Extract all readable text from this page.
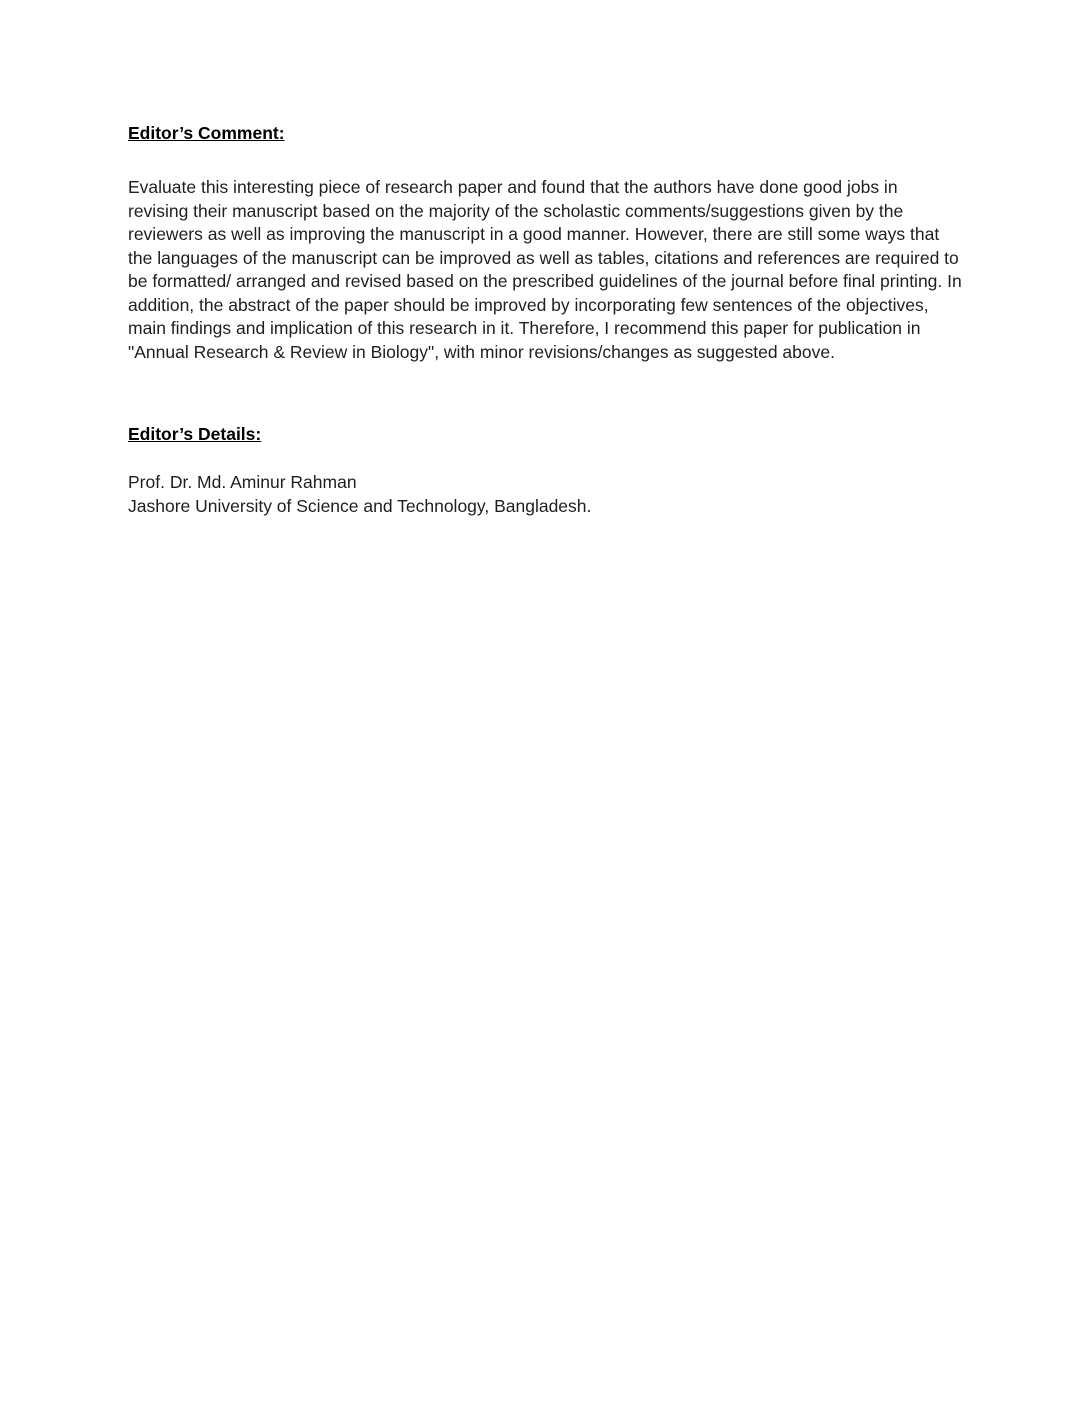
Editor’s Comment:

Evaluate this interesting piece of research paper and found that the authors have done good jobs in revising their manuscript based on the majority of the scholastic comments/suggestions given by the reviewers as well as improving the manuscript in a good manner. However, there are still some ways that the languages of the manuscript can be improved as well as tables, citations and references are required to be formatted/ arranged and revised based on the prescribed guidelines of the journal before final printing. In addition, the abstract of the paper should be improved by incorporating few sentences of the objectives, main findings and implication of this research in it. Therefore, I recommend this paper for publication in "Annual Research & Review in Biology", with minor revisions/changes as suggested above.

Editor’s Details:
Prof. Dr. Md. Aminur Rahman
Jashore University of Science and Technology, Bangladesh.
